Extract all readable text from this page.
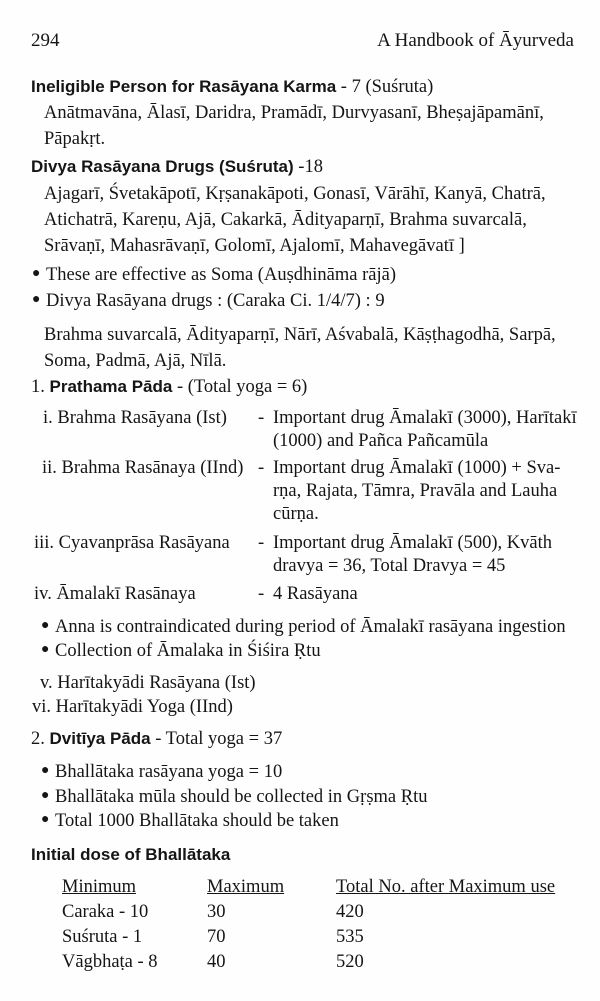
294	A Handbook of Āyurveda
Ineligible Person for Rasāyana Karma - 7 (Suśruta)

Anātmavāna, Ālasī, Daridra, Pramādī, Durvyasanī, Bheṣajāpamānī,

Pāpakṛt.

Divya Rasāyana Drugs (Suśruta) -18

Ajagarī, Śvetakāpotī, Kṛṣanakāpoti, Gonasī, Vārāhī, Kanyā, Chatrā,

Atichatrā, Kareṇu, Ajā, Cakarkā, Ādityaparṇī, Brahma suvarcalā,

Srāvaṇī, Mahasrāvaṇī, Golomī, Ajalomī, Mahavegāvatī ]

● These are effective as Soma (Auṣdhināma rājā)
● Divya Rasāyana drugs : (Caraka Ci. 1/4/7) : 9

Brahma suvarcalā, Ādityaparṇī, Nārī, Aśvabalā, Kāṣṭhagodhā, Sarpā,

Soma, Padmā, Ajā, Nīlā.

1. Prathama Pāda - (Total yoga = 6)
i. Brahma Rasāyana (Ist) - Important drug Āmalakī (3000), Harītakī
(1000) and Pañca Pañcamūla
ii. Brahma Rasānaya (IInd) - Important drug Āmalakī (1000) + Sva-
rṇa, Rajata, Tāmra, Pravāla and Lauha
cūrṇa.
iii. Cyavanprāsa Rasāyana - Important drug Āmalakī (500), Kvāth
dravya = 36, Total Dravya = 45
iv. Āmalakī Rasānaya	- 4 Rasāyana
● Anna is contraindicated during period of Āmalakī rasāyana ingestion
● Collection of Āmalaka in Śiśira Ṛtu
v. Harītakyādi Rasāyana (Ist)
vi. Harītakyādi Yoga (IInd)
2. Dvitīya Pāda - Total yoga = 37
● Bhallātaka rasāyana yoga = 10
● Bhallātaka mūla should be collected in Gṛṣma Ṛtu
● Total 1000 Bhallātaka should be taken
Initial dose of Bhallātaka
Minimum	Maximum	Total No. after Maximum use
Caraka - 10	30	420
Suśruta - 1	70	535
Vāgbhaṭa - 8	40	520
